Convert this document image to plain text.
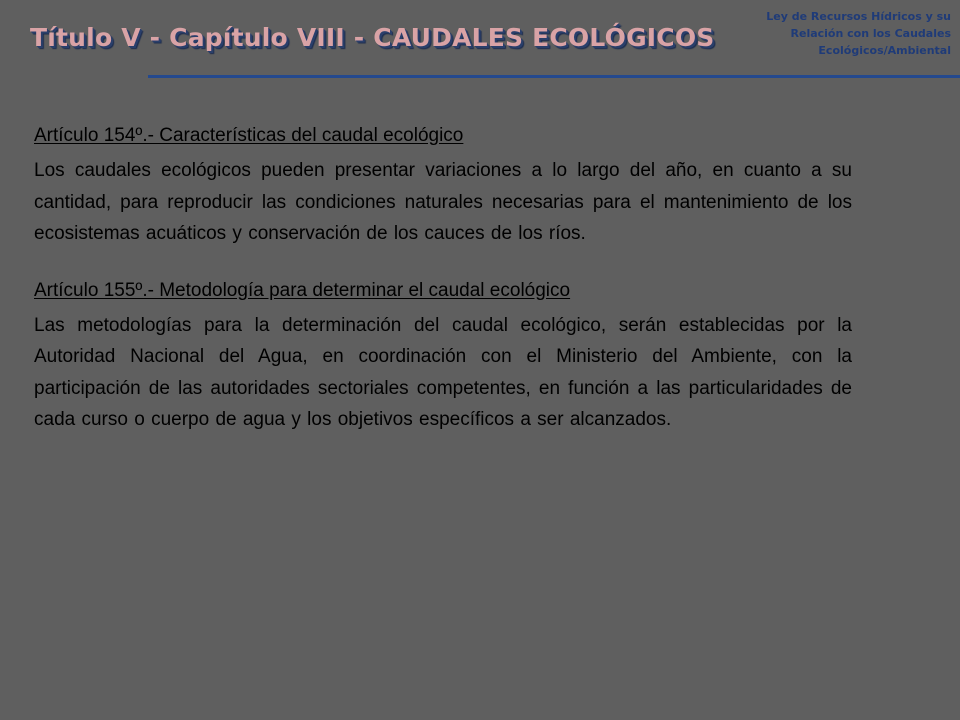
Título V - Capítulo VIII - CAUDALES ECOLÓGICOS
Ley de Recursos Hídricos y su
Relación con los Caudales
Ecológicos/Ambiental
Artículo 154º.- Características del caudal ecológico

Los caudales ecológicos pueden presentar variaciones a lo largo del año, en cuanto a su cantidad, para reproducir las condiciones naturales necesarias para el mantenimiento de los ecosistemas acuáticos y conservación de los cauces de los ríos.

Artículo 155º.- Metodología para determinar el caudal ecológico

Las metodologías para la determinación del caudal ecológico, serán establecidas por la Autoridad Nacional del Agua, en coordinación con el Ministerio del Ambiente, con la participación de las autoridades sectoriales competentes, en función a las particularidades de cada curso o cuerpo de agua y los objetivos específicos a ser alcanzados.
